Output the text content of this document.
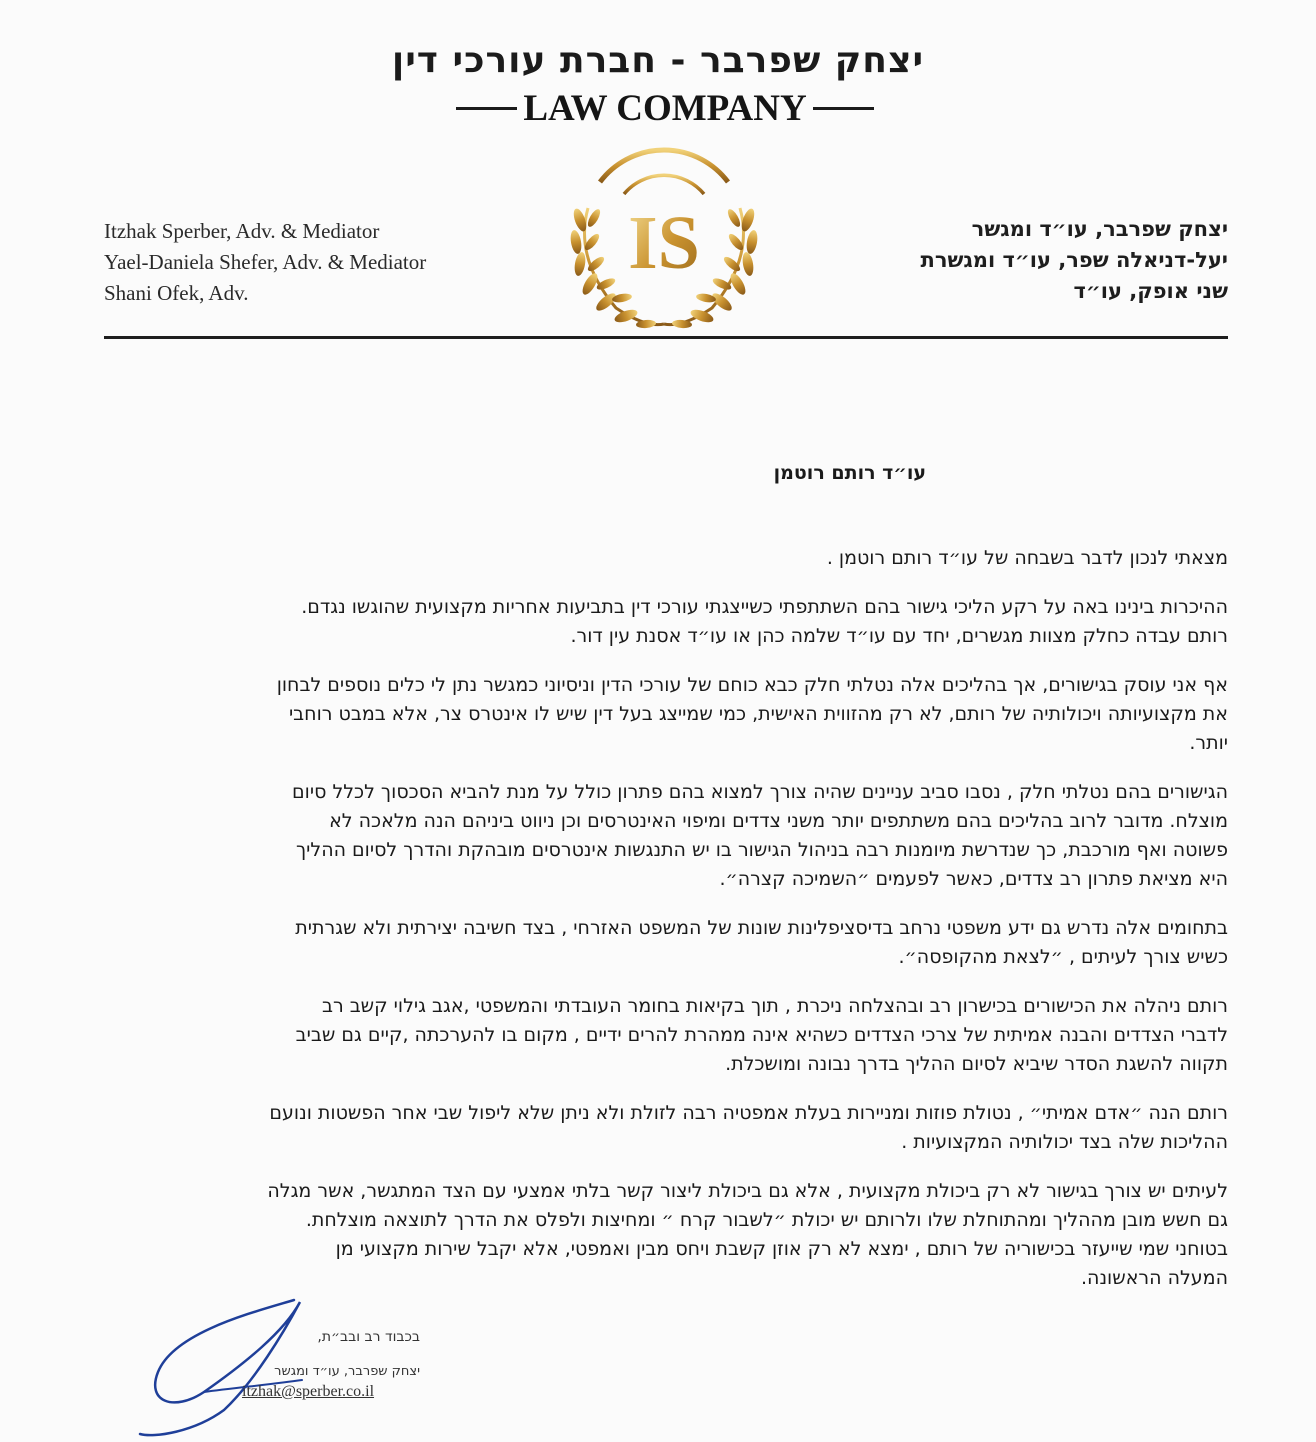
יצחק שפרבר - חברת עורכי דין
LAW COMPANY
IS
Itzhak Sperber, Adv. & Mediator
Yael-Daniela Shefer, Adv. & Mediator
Shani Ofek, Adv.
יצחק שפרבר, עו״ד ומגשר
יעל-דניאלה שפר, עו״ד ומגשרת
שני אופק, עו״ד
עו״ד רותם רוטמן

מצאתי לנכון לדבר בשבחה של עו״ד רותם רוטמן .

ההיכרות בינינו באה על רקע הליכי גישור בהם השתתפתי כשייצגתי עורכי דין בתביעות אחריות מקצועית שהוגשו נגדם.
רותם עבדה כחלק מצוות מגשרים, יחד עם עו״ד שלמה כהן או עו״ד אסנת עין דור.

אף אני עוסק בגישורים, אך בהליכים אלה נטלתי חלק כבא כוחם של עורכי הדין וניסיוני כמגשר נתן לי כלים נוספים לבחון
את מקצועיותה ויכולותיה של רותם, לא רק מהזווית האישית, כמי שמייצג בעל דין שיש לו אינטרס צר, אלא במבט רוחבי
יותר.

הגישורים בהם נטלתי חלק , נסבו סביב עניינים שהיה צורך למצוא בהם פתרון כולל על מנת להביא הסכסוך לכלל סיום
מוצלח. מדובר לרוב בהליכים בהם משתתפים יותר משני צדדים ומיפוי האינטרסים וכן ניווט ביניהם הנה מלאכה לא
פשוטה ואף מורכבת, כך שנדרשת מיומנות רבה בניהול הגישור בו יש התנגשות אינטרסים מובהקת והדרך לסיום ההליך
היא מציאת פתרון רב צדדים, כאשר לפעמים ״השמיכה קצרה״.

בתחומים אלה נדרש גם ידע משפטי נרחב בדיסציפלינות שונות של המשפט האזרחי , בצד חשיבה יצירתית ולא שגרתית
כשיש צורך לעיתים , ״לצאת מהקופסה״.

רותם ניהלה את הכישורים בכישרון רב ובהצלחה ניכרת , תוך בקיאות בחומר העובדתי והמשפטי ,אגב גילוי קשב רב
לדברי הצדדים והבנה אמיתית של צרכי הצדדים כשהיא אינה ממהרת להרים ידיים , מקום בו להערכתה ,קיים גם שביב
תקווה להשגת הסדר שיביא לסיום ההליך בדרך נבונה ומושכלת.

רותם הנה ״אדם אמיתי״ , נטולת פוזות ומניירות בעלת אמפטיה רבה לזולת ולא ניתן שלא ליפול שבי אחר הפשטות ונועם
ההליכות שלה בצד יכולותיה המקצועיות .

לעיתים יש צורך בגישור לא רק ביכולת מקצועית , אלא גם ביכולת ליצור קשר בלתי אמצעי עם הצד המתגשר, אשר מגלה
גם חשש מובן מההליך ומהתוחלת שלו ולרותם יש יכולת ״לשבור קרח ״ ומחיצות ולפלס את הדרך לתוצאה מוצלחת.
בטוחני שמי שייעזר בכישוריה של רותם , ימצא לא רק אוזן קשבת ויחס מבין ואמפטי, אלא יקבל שירות מקצועי מן
המעלה הראשונה.

בכבוד רב ובב״ת,
יצחק שפרבר, עו״ד ומגשר
itzhak@sperber.co.il
